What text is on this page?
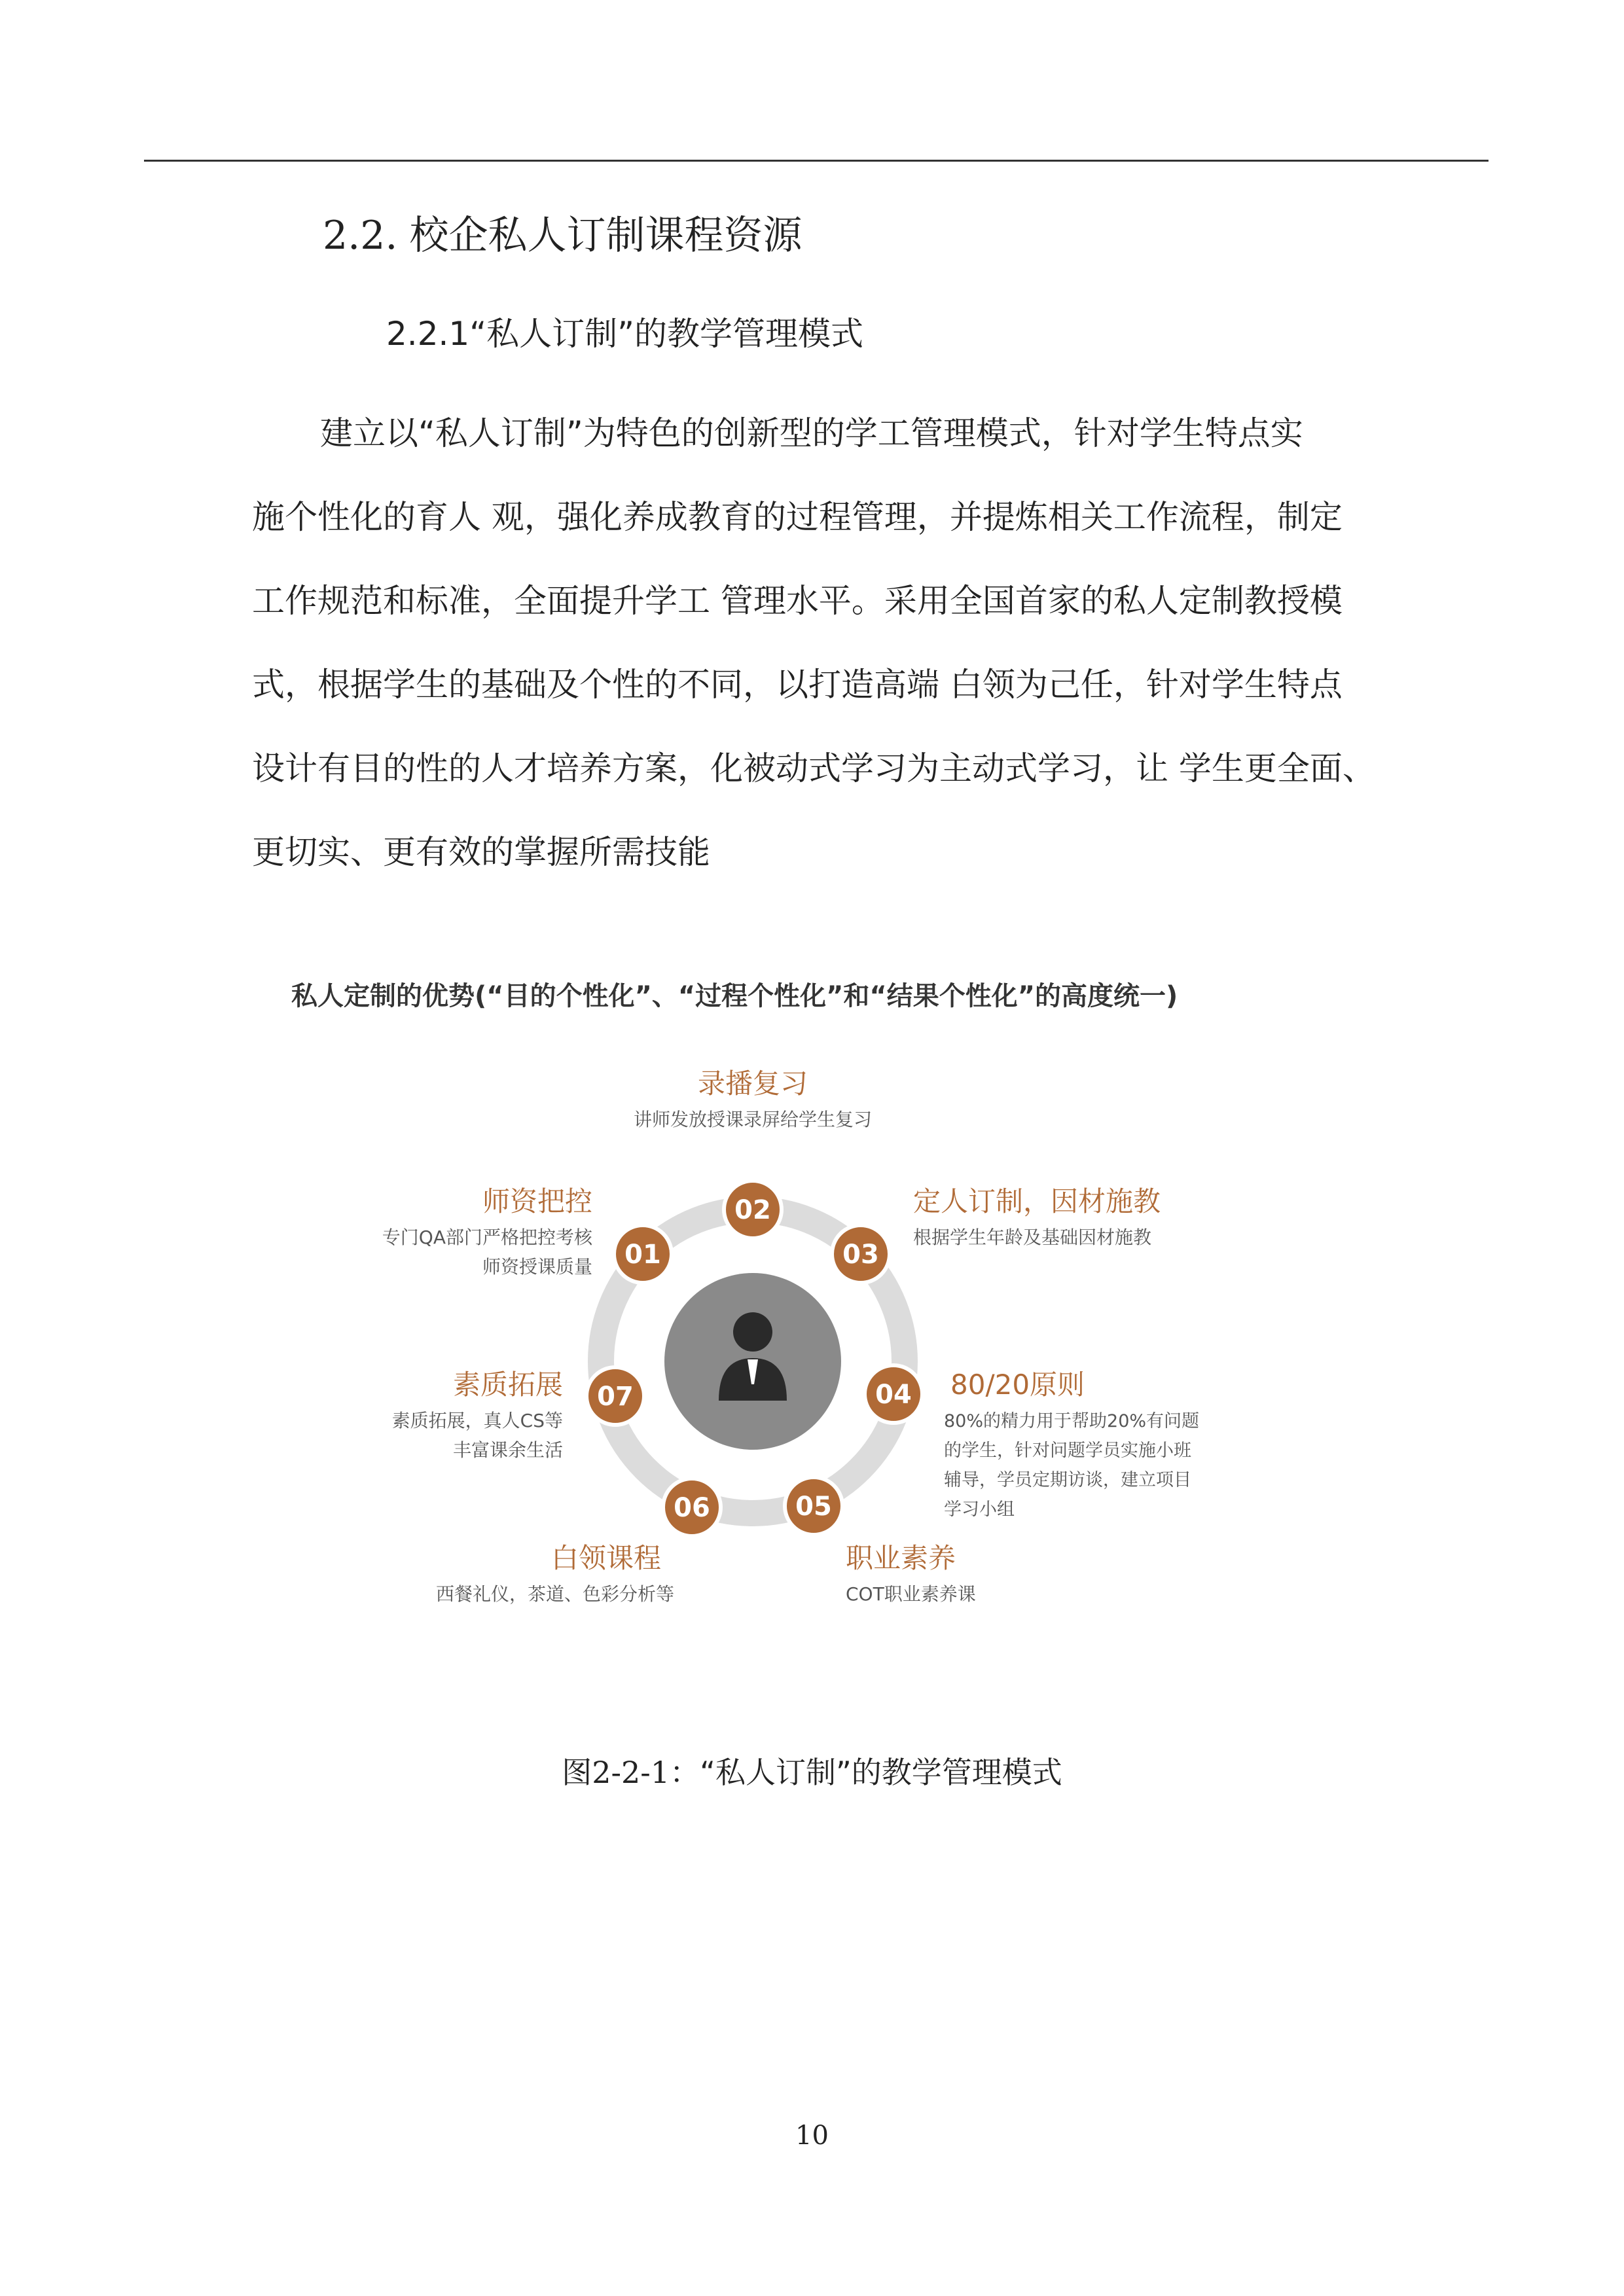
2.2. 校企私人订制课程资源
2.2.1“私人订制”的教学管理模式
建立以“私人订制”为特色的创新型的学工管理模式，针对学生特点实
施个性化的育人 观，强化养成教育的过程管理，并提炼相关工作流程，制定
工作规范和标准，全面提升学工 管理水平。采用全国首家的私人定制教授模
式，根据学生的基础及个性的不同，以打造高端 白领为己任，针对学生特点
设计有目的性的人才培养方案，化被动式学习为主动式学习，让 学生更全面、
更切实、更有效的掌握所需技能
私人定制的优势(“目的个性化”、“过程个性化”和“结果个性化”的高度统一)
01
师资把控
专门QA部门严格把控考核
师资授课质量
02
录播复习
讲师发放授课录屏给学生复习
03
定人订制，因材施教
根据学生年龄及基础因材施教
04 80/20原则
80%的精力用于帮助20%有问题
的学生，针对问题学员实施小班
辅导，学员定期访谈，建立项目
学习小组
05
职业素养
COT职业素养课
06
白领课程
西餐礼仪，茶道、色彩分析等
07
素质拓展
素质拓展，真人CS等
丰富课余生活
图2-2-1：“私人订制”的教学管理模式
10
